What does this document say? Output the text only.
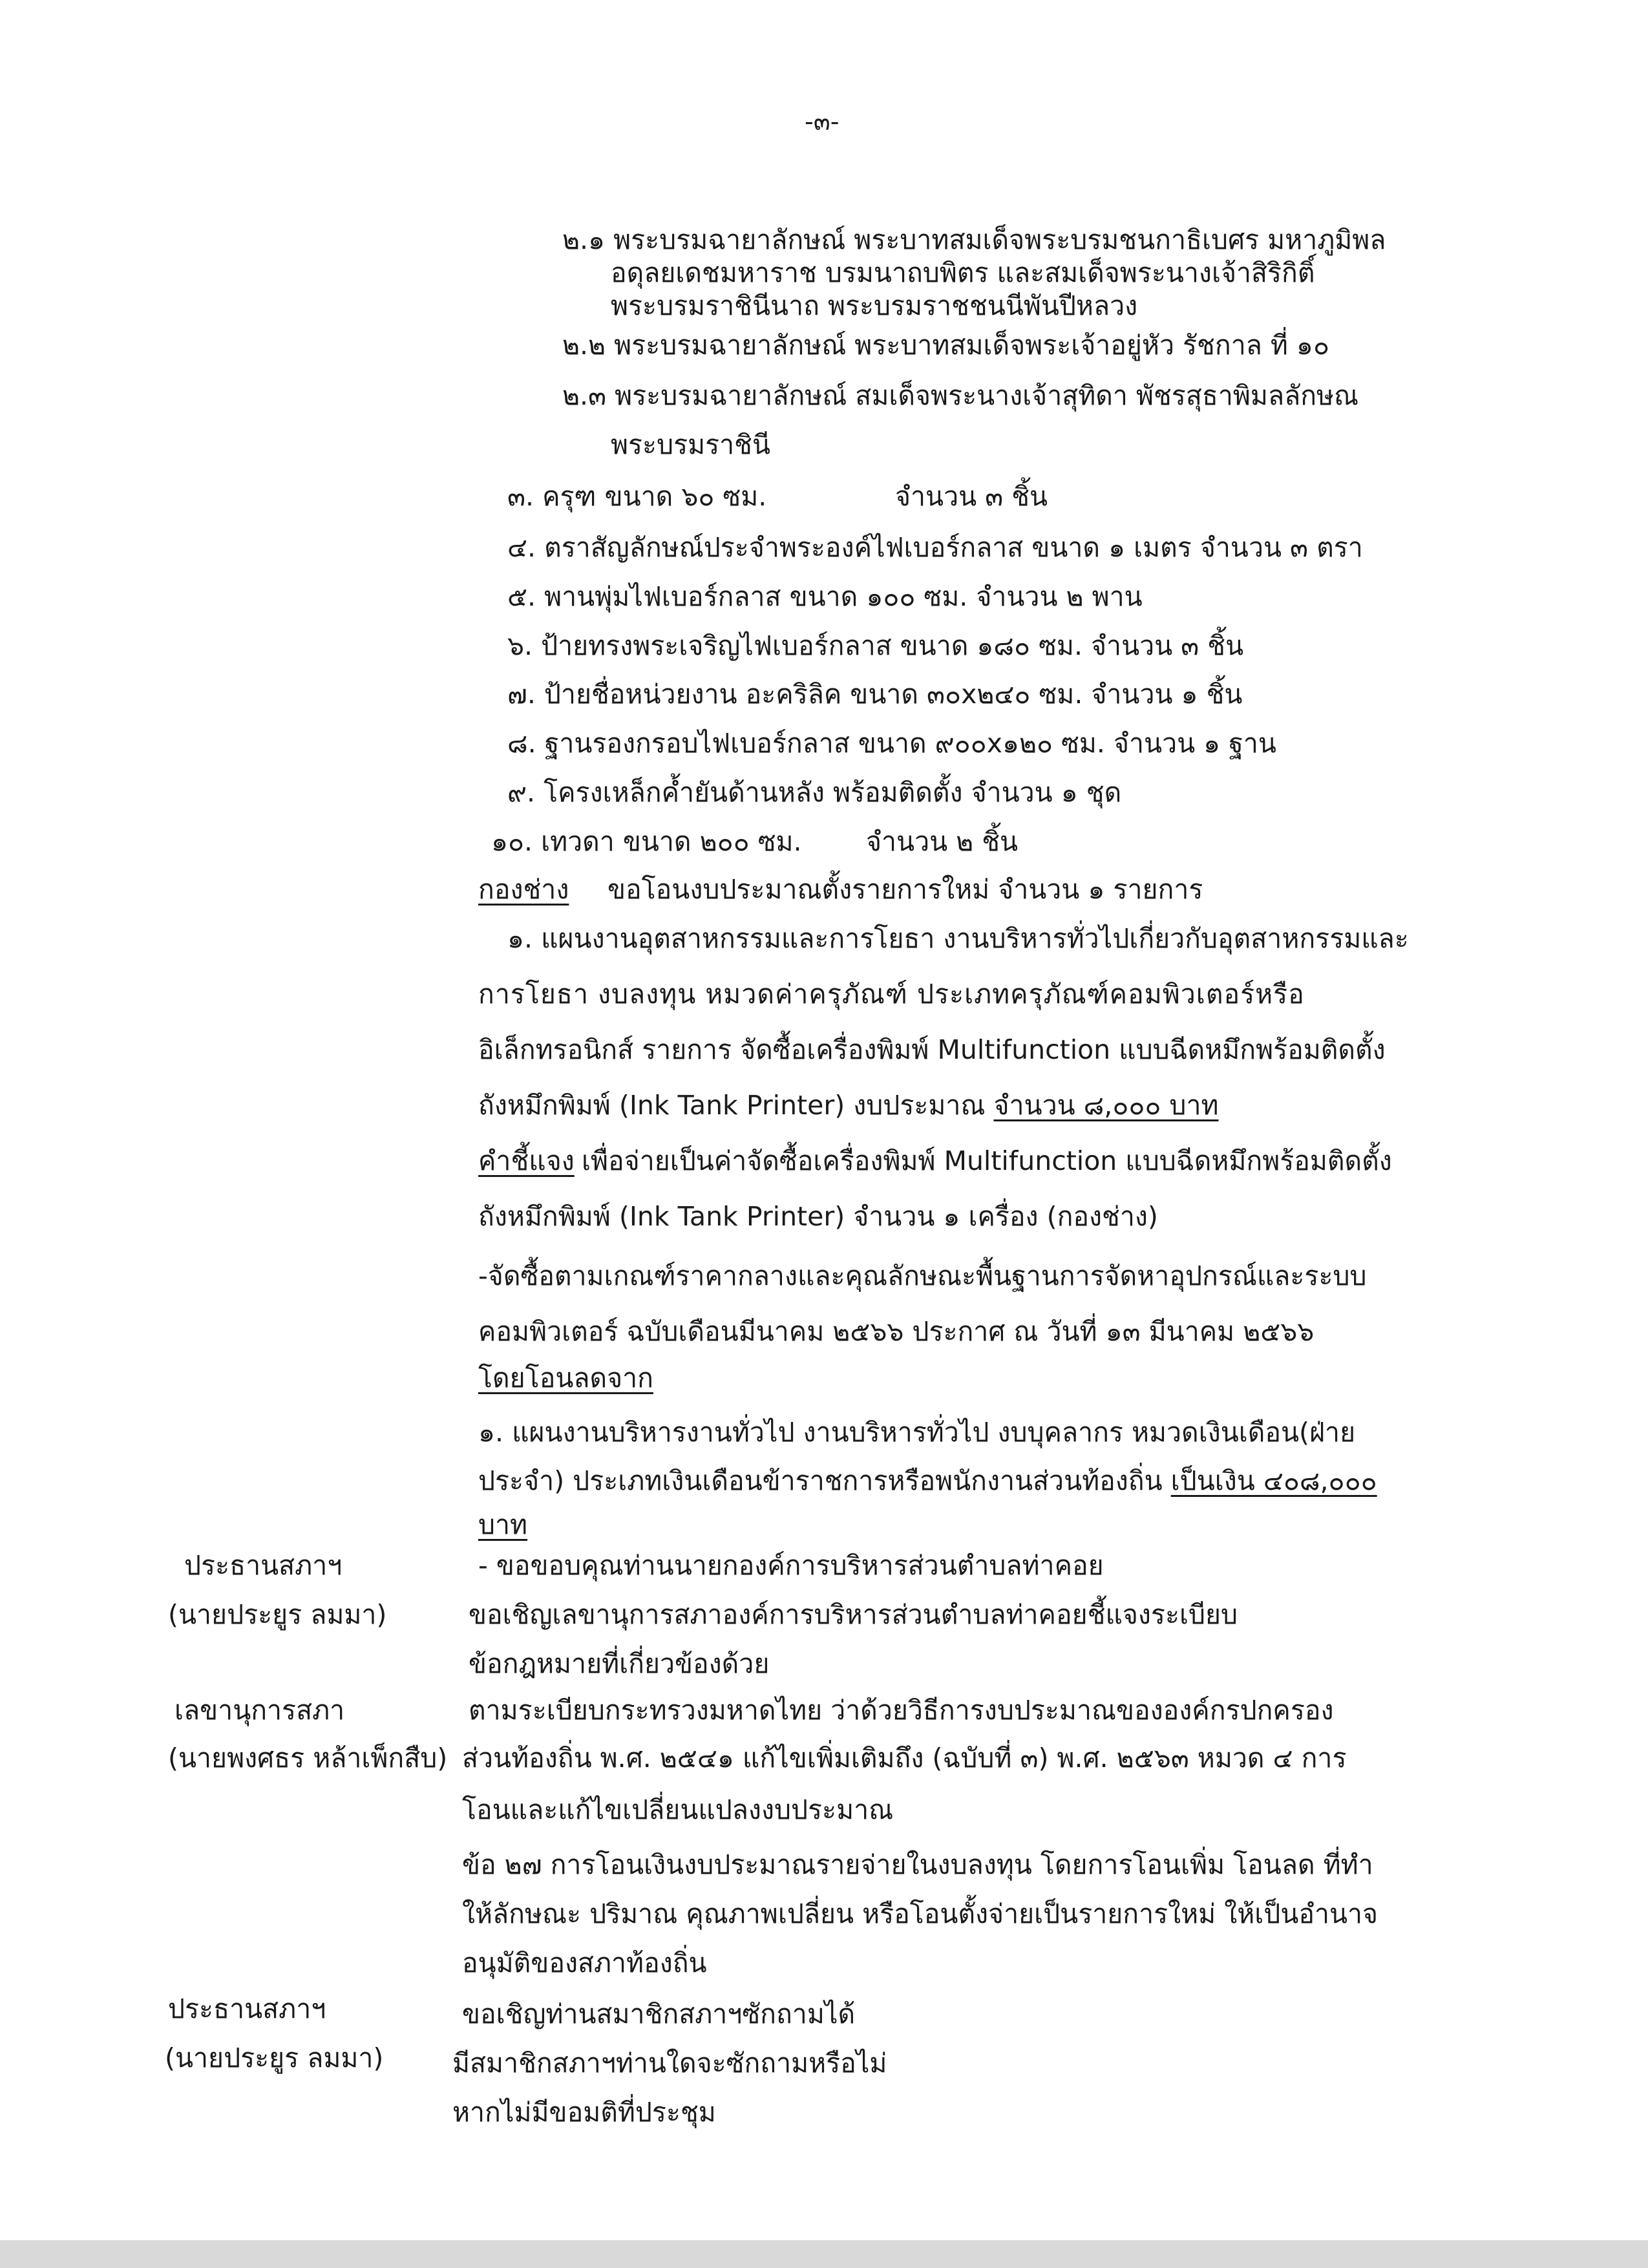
-๓-
๒.๑ พระบรมฉายาลักษณ์ พระบาทสมเด็จพระบรมชนกาธิเบศร มหาภูมิพล
อดุลยเดชมหาราช บรมนาถบพิตร และสมเด็จพระนางเจ้าสิริกิติ์
พระบรมราชินีนาถ พระบรมราชชนนีพันปีหลวง
๒.๒ พระบรมฉายาลักษณ์ พระบาทสมเด็จพระเจ้าอยู่หัว รัชกาล ที่ ๑๐
๒.๓ พระบรมฉายาลักษณ์ สมเด็จพระนางเจ้าสุทิดา พัชรสุธาพิมลลักษณ
พระบรมราชินี
๓. ครุฑ ขนาด ๖๐ ซม.	จำนวน ๓ ชิ้น
๔. ตราสัญลักษณ์ประจำพระองค์ไฟเบอร์กลาส ขนาด ๑ เมตร จำนวน ๓ ตรา
๕. พานพุ่มไฟเบอร์กลาส ขนาด ๑๐๐ ซม. จำนวน ๒ พาน
๖. ป้ายทรงพระเจริญไฟเบอร์กลาส ขนาด ๑๘๐ ซม. จำนวน ๓ ชิ้น
๗. ป้ายชื่อหน่วยงาน อะคริลิค ขนาด ๓๐x๒๔๐ ซม. จำนวน ๑ ชิ้น
๘. ฐานรองกรอบไฟเบอร์กลาส ขนาด ๙๐๐x๑๒๐ ซม. จำนวน ๑ ฐาน
๙. โครงเหล็กค้ำยันด้านหลัง พร้อมติดตั้ง จำนวน ๑ ชุด
๑๐. เทวดา ขนาด ๒๐๐ ซม. จำนวน ๒ ชิ้น
กองช่าง ขอโอนงบประมาณตั้งรายการใหม่ จำนวน ๑ รายการ
๑. แผนงานอุตสาหกรรมและการโยธา งานบริหารทั่วไปเกี่ยวกับอุตสาหกรรมและ
การโยธา งบลงทุน หมวดค่าครุภัณฑ์ ประเภทครุภัณฑ์คอมพิวเตอร์หรือ
อิเล็กทรอนิกส์ รายการ จัดซื้อเครื่องพิมพ์ Multifunction แบบฉีดหมึกพร้อมติดตั้ง
ถังหมึกพิมพ์ (Ink Tank Printer) งบประมาณ จำนวน ๘,๐๐๐ บาท
คำชี้แจง เพื่อจ่ายเป็นค่าจัดซื้อเครื่องพิมพ์ Multifunction แบบฉีดหมึกพร้อมติดตั้ง
ถังหมึกพิมพ์ (Ink Tank Printer) จำนวน ๑ เครื่อง (กองช่าง)
-จัดซื้อตามเกณฑ์ราคากลางและคุณลักษณะพื้นฐานการจัดหาอุปกรณ์และระบบ
คอมพิวเตอร์ ฉบับเดือนมีนาคม ๒๕๖๖ ประกาศ ณ วันที่ ๑๓ มีนาคม ๒๕๖๖
โดยโอนลดจาก
๑. แผนงานบริหารงานทั่วไป งานบริหารทั่วไป งบบุคลากร หมวดเงินเดือน(ฝ่าย
ประจำ) ประเภทเงินเดือนข้าราชการหรือพนักงานส่วนท้องถิ่น เป็นเงิน ๔๐๘,๐๐๐
บาท
ประธานสภาฯ
(นายประยูร ลมมา)
- ขอขอบคุณท่านนายกองค์การบริหารส่วนตำบลท่าคอย
ขอเชิญเลขานุการสภาองค์การบริหารส่วนตำบลท่าคอยชี้แจงระเบียบ
ข้อกฎหมายที่เกี่ยวข้องด้วย
เลขานุการสภา
(นายพงศธร หล้าเพ็กสืบ)
ตามระเบียบกระทรวงมหาดไทย ว่าด้วยวิธีการงบประมาณขององค์กรปกครอง
ส่วนท้องถิ่น พ.ศ. ๒๕๔๑ แก้ไขเพิ่มเติมถึง (ฉบับที่ ๓) พ.ศ. ๒๕๖๓ หมวด ๔ การ
โอนและแก้ไขเปลี่ยนแปลงงบประมาณ
ข้อ ๒๗ การโอนเงินงบประมาณรายจ่ายในงบลงทุน โดยการโอนเพิ่ม โอนลด ที่ทำ
ให้ลักษณะ ปริมาณ คุณภาพเปลี่ยน หรือโอนตั้งจ่ายเป็นรายการใหม่ ให้เป็นอำนาจ
อนุมัติของสภาท้องถิ่น
ประธานสภาฯ
(นายประยูร ลมมา)
ขอเชิญท่านสมาชิกสภาฯซักถามได้
มีสมาชิกสภาฯท่านใดจะซักถามหรือไม่
หากไม่มีขอมติที่ประชุม
